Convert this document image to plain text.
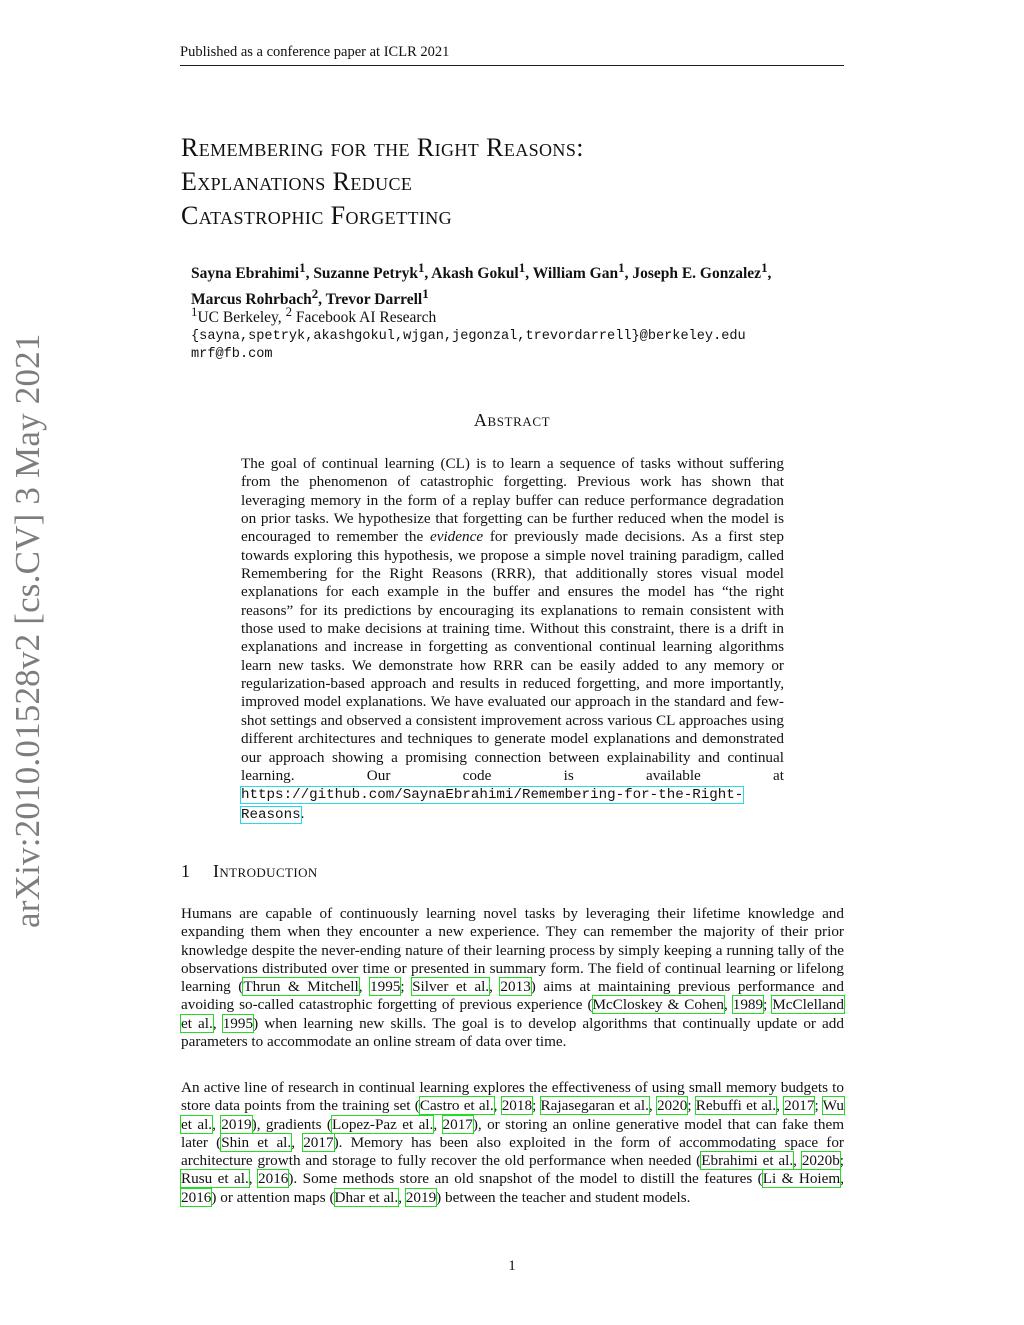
Published as a conference paper at ICLR 2021
arXiv:2010.01528v2 [cs.CV] 3 May 2021
Remembering for the Right Reasons:
Explanations Reduce
Catastrophic Forgetting
Sayna Ebrahimi$^1$, Suzanne Petryk$^1$, Akash Gokul$^1$, William Gan$^1$, Joseph E. Gonzalez$^1$,
Marcus Rohrbach$^2$, Trevor Darrell$^1$
$^1$UC Berkeley, $^2$ Facebook AI Research
{sayna,spetryk,akashgokul,wjgan,jegonzal,trevordarrell}@berkeley.edu
mrf@fb.com
Abstract
The goal of continual learning (CL) is to learn a sequence of tasks without suffering from the phenomenon of catastrophic forgetting. Previous work has shown that leveraging memory in the form of a replay buffer can reduce performance degradation on prior tasks. We hypothesize that forgetting can be further reduced when the model is encouraged to remember the evidence for previously made decisions. As a first step towards exploring this hypothesis, we propose a simple novel training paradigm, called Remembering for the Right Reasons (RRR), that additionally stores visual model explanations for each example in the buffer and ensures the model has “the right reasons” for its predictions by encouraging its explanations to remain consistent with those used to make decisions at training time. Without this constraint, there is a drift in explanations and increase in forgetting as conventional continual learning algorithms learn new tasks. We demonstrate how RRR can be easily added to any memory or regularization-based approach and results in reduced forgetting, and more importantly, improved model explanations. We have evaluated our approach in the standard and few-shot settings and observed a consistent improvement across various CL approaches using different architectures and techniques to generate model explanations and demonstrated our approach showing a promising connection between explainability and continual learning. Our code is available at https://github.com/SaynaEbrahimi/Remembering-for-the-Right-Reasons.
1 Introduction
Humans are capable of continuously learning novel tasks by leveraging their lifetime knowledge and expanding them when they encounter a new experience. They can remember the majority of their prior knowledge despite the never-ending nature of their learning process by simply keeping a running tally of the observations distributed over time or presented in summary form. The field of continual learning or lifelong learning (Thrun & Mitchell, 1995; Silver et al., 2013) aims at maintaining previous performance and avoiding so-called catastrophic forgetting of previous experience (McCloskey & Cohen, 1989; McClelland et al., 1995) when learning new skills. The goal is to develop algorithms that continually update or add parameters to accommodate an online stream of data over time.
An active line of research in continual learning explores the effectiveness of using small memory budgets to store data points from the training set (Castro et al., 2018; Rajasegaran et al., 2020; Rebuffi et al., 2017; Wu et al., 2019), gradients (Lopez-Paz et al., 2017), or storing an online generative model that can fake them later (Shin et al., 2017). Memory has been also exploited in the form of accommodating space for architecture growth and storage to fully recover the old performance when needed (Ebrahimi et al., 2020b; Rusu et al., 2016). Some methods store an old snapshot of the model to distill the features (Li & Hoiem, 2016) or attention maps (Dhar et al., 2019) between the teacher and student models.
1
